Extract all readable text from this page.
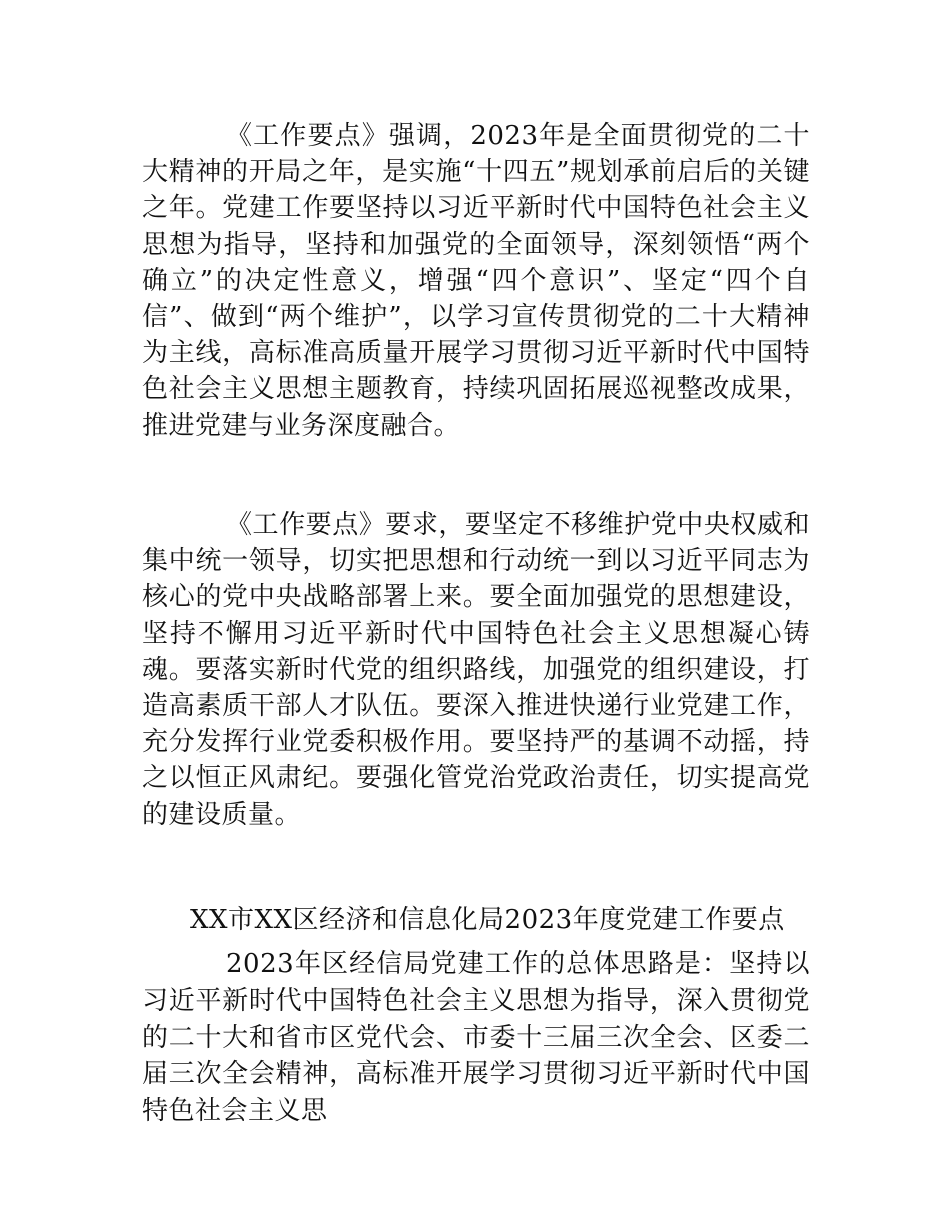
《工作要点》强调，2023年是全面贯彻党的二十大精神的开局之年，是实施“十四五”规划承前启后的关键之年。党建工作要坚持以习近平新时代中国特色社会主义思想为指导，坚持和加强党的全面领导，深刻领悟“两个确立”的决定性意义，增强“四个意识”、坚定“四个自信”、做到“两个维护”，以学习宣传贯彻党的二十大精神为主线，高标准高质量开展学习贯彻习近平新时代中国特色社会主义思想主题教育，持续巩固拓展巡视整改成果，推进党建与业务深度融合。

《工作要点》要求，要坚定不移维护党中央权威和集中统一领导，切实把思想和行动统一到以习近平同志为核心的党中央战略部署上来。要全面加强党的思想建设，坚持不懈用习近平新时代中国特色社会主义思想凝心铸魂。要落实新时代党的组织路线，加强党的组织建设，打造高素质干部人才队伍。要深入推进快递行业党建工作，充分发挥行业党委积极作用。要坚持严的基调不动摇，持之以恒正风肃纪。要强化管党治党政治责任，切实提高党的建设质量。

XX市XX区经济和信息化局2023年度党建工作要点

2023年区经信局党建工作的总体思路是：坚持以习近平新时代中国特色社会主义思想为指导，深入贯彻党的二十大和省市区党代会、市委十三届三次全会、区委二届三次全会精神，高标准开展学习贯彻习近平新时代中国特色社会主义思
